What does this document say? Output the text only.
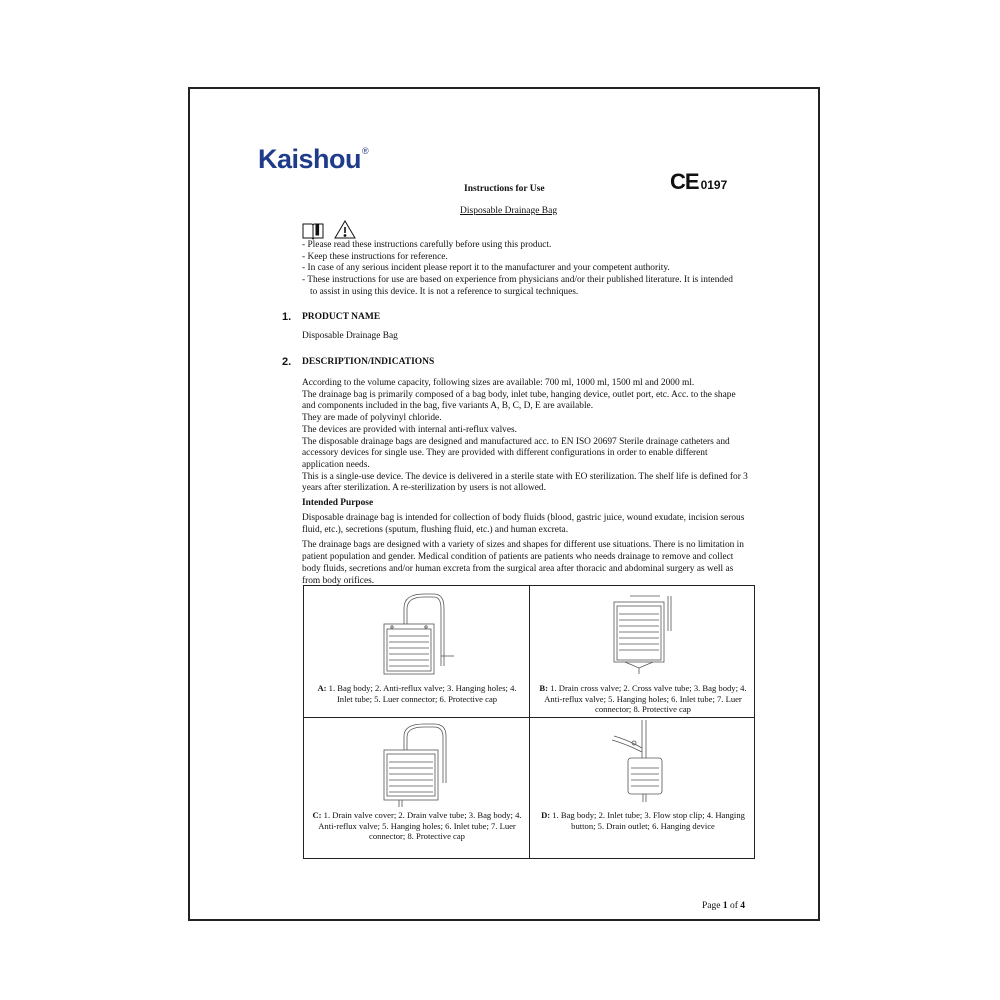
Kaishou®
CE 0197
Instructions for Use
Disposable Drainage Bag
- Please read these instructions carefully before using this product.
- Keep these instructions for reference.
- In case of any serious incident please report it to the manufacturer and your competent authority.
- These instructions for use are based on experience from physicians and/or their published literature. It is intended to assist in using this device. It is not a reference to surgical techniques.
1. PRODUCT NAME
Disposable Drainage Bag
2. DESCRIPTION/INDICATIONS
According to the volume capacity, following sizes are available: 700 ml, 1000 ml, 1500 ml and 2000 ml.
The drainage bag is primarily composed of a bag body, inlet tube, hanging device, outlet port, etc. Acc. to the shape and components included in the bag, five variants A, B, C, D, E are available.
They are made of polyvinyl chloride.
The devices are provided with internal anti-reflux valves.
The disposable drainage bags are designed and manufactured acc. to EN ISO 20697 Sterile drainage catheters and accessory devices for single use. They are provided with different configurations in order to enable different application needs.
This is a single-use device. The device is delivered in a sterile state with EO sterilization. The shelf life is defined for 3 years after sterilization. A re-sterilization by users is not allowed.
Intended Purpose
Disposable drainage bag is intended for collection of body fluids (blood, gastric juice, wound exudate, incision serous fluid, etc.), secretions (sputum, flushing fluid, etc.) and human excreta.
The drainage bags are designed with a variety of sizes and shapes for different use situations. There is no limitation in patient population and gender. Medical condition of patients are patients who needs drainage to remove and collect body fluids, secretions and/or human excreta from the surgical area after thoracic and abdominal surgery as well as from body orifices.
A: 1. Bag body; 2. Anti-reflux valve; 3. Hanging holes; 4. Inlet tube; 5. Luer connector; 6. Protective cap
B: 1. Drain cross valve; 2. Cross valve tube; 3. Bag body; 4. Anti-reflux valve; 5. Hanging holes; 6. Inlet tube; 7. Luer connector; 8. Protective cap
C: 1. Drain valve cover; 2. Drain valve tube; 3. Bag body; 4. Anti-reflux valve; 5. Hanging holes; 6. Inlet tube; 7. Luer connector; 8. Protective cap
D: 1. Bag body; 2. Inlet tube; 3. Flow stop clip; 4. Hanging button; 5. Drain outlet; 6. Hanging device
Page 1 of 4
